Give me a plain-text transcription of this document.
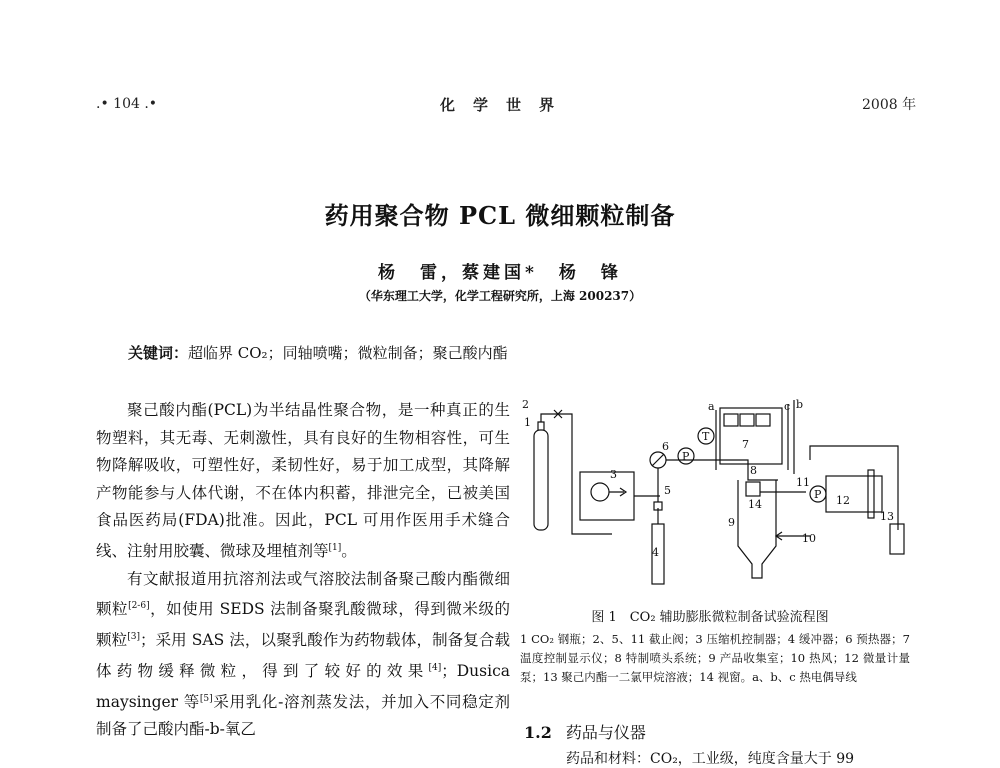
.• 104 .•	化学世界	2008 年
药用聚合物 PCL 微细颗粒制备
杨　雷，蔡建国*　杨　锋
（华东理工大学，化学工程研究所，上海 200237）
关键词：超临界 CO₂；同轴喷嘴；微粒制备；聚己酸内酯

聚己酸内酯(PCL)为半结晶性聚合物，是一种真正的生物塑料，其无毒、无刺激性，具有良好的生物相容性，可生物降解吸收，可塑性好，柔韧性好，易于加工成型，其降解产物能参与人体代谢，不在体内积蓄，排泄完全，已被美国食品医药局(FDA)批准。因此，PCL 可用作医用手术缝合线、注射用胶囊、微球及埋植剂等[1]。

有文献报道用抗溶剂法或气溶胶法制备聚己酸内酯微细颗粒[2-6]，如使用 SEDS 法制备聚乳酸微球，得到微米级的颗粒[3]；采用 SAS 法，以聚乳酸作为药物载体，制备复合载体药物缓释微粒，得到了较好的效果[4]；Dusica maysinger 等[5]采用乳化-溶剂蒸发法，并加入不同稳定剂制备了己酸内酯-b-氧乙

2
3
4
5
6	7
8
9
10
11
12
13
14
a	b
c
P
T
P
1
图 1　CO₂ 辅助膨胀微粒制备试验流程图
1 CO₂ 钢瓶；2、5、11 截止阀；3 压缩机控制器；4 缓冲器；6 预热器；7 温度控制显示仪；8 特制喷头系统；9 产品收集室；10 热风；12 微量计量泵；13 聚己内酯一二氯甲烷溶液；14 视窗。a、b、c 热电偶导线
1.2 药品与仪器
药品和材料：CO₂，工业级，纯度含量大于 99
